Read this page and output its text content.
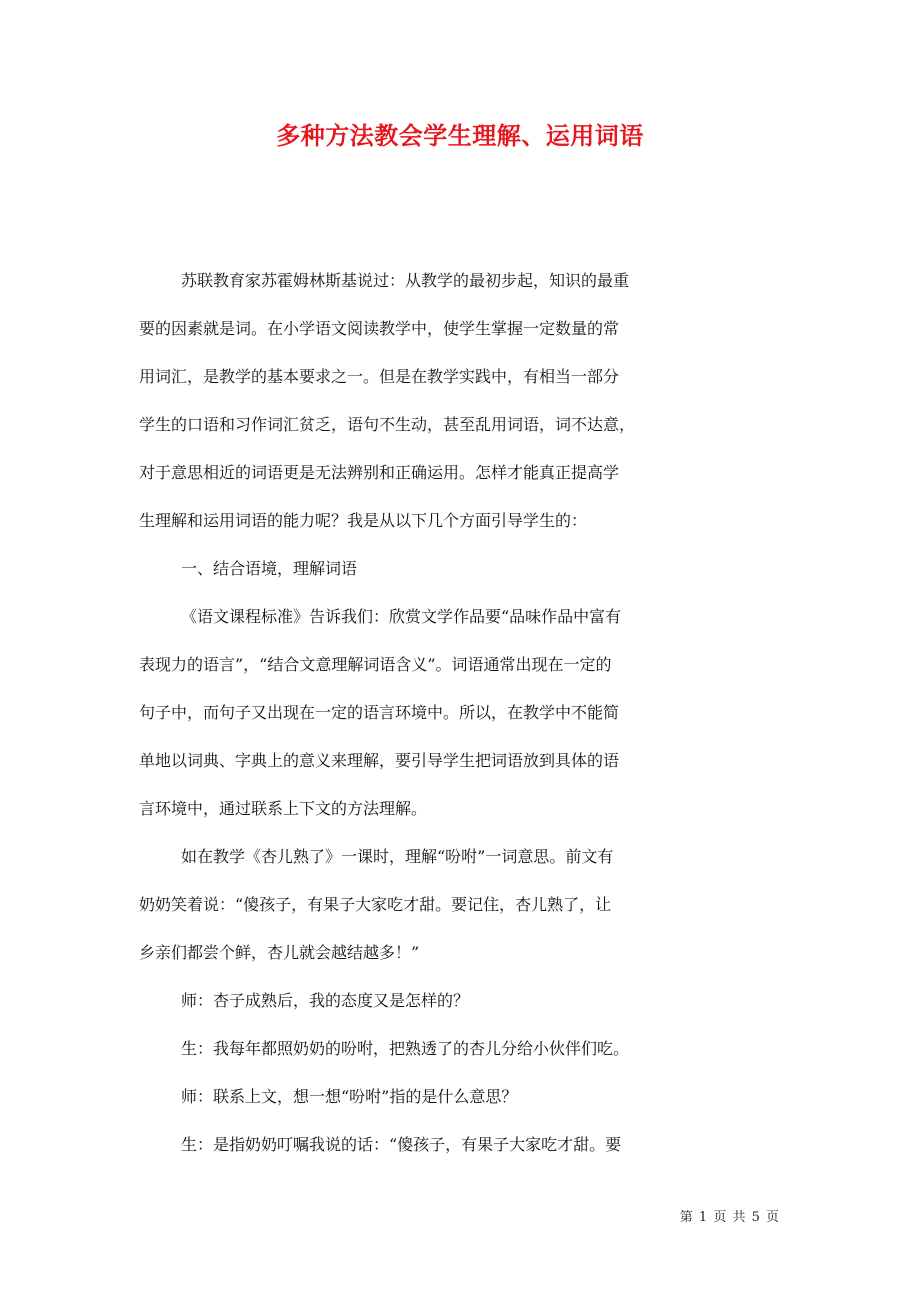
多种方法教会学生理解、运用词语
苏联教育家苏霍姆林斯基说过：从教学的最初步起，知识的最重
要的因素就是词。在小学语文阅读教学中，使学生掌握一定数量的常
用词汇，是教学的基本要求之一。但是在教学实践中，有相当一部分
学生的口语和习作词汇贫乏，语句不生动，甚至乱用词语，词不达意，
对于意思相近的词语更是无法辨别和正确运用。怎样才能真正提高学
生理解和运用词语的能力呢？我是从以下几个方面引导学生的：
一、结合语境，理解词语
《语文课程标准》告诉我们：欣赏文学作品要“品味作品中富有
表现力的语言”，“结合文意理解词语含义”。词语通常出现在一定的
句子中，而句子又出现在一定的语言环境中。所以，在教学中不能简
单地以词典、字典上的意义来理解，要引导学生把词语放到具体的语
言环境中，通过联系上下文的方法理解。
如在教学《杏儿熟了》一课时，理解“吩咐”一词意思。前文有
奶奶笑着说：“傻孩子，有果子大家吃才甜。要记住，杏儿熟了，让
乡亲们都尝个鲜，杏儿就会越结越多！”
师：杏子成熟后，我的态度又是怎样的？
生：我每年都照奶奶的吩咐，把熟透了的杏儿分给小伙伴们吃。
师：联系上文，想一想“吩咐”指的是什么意思？
生：是指奶奶叮嘱我说的话：“傻孩子，有果子大家吃才甜。要
第 1 页 共 5 页
